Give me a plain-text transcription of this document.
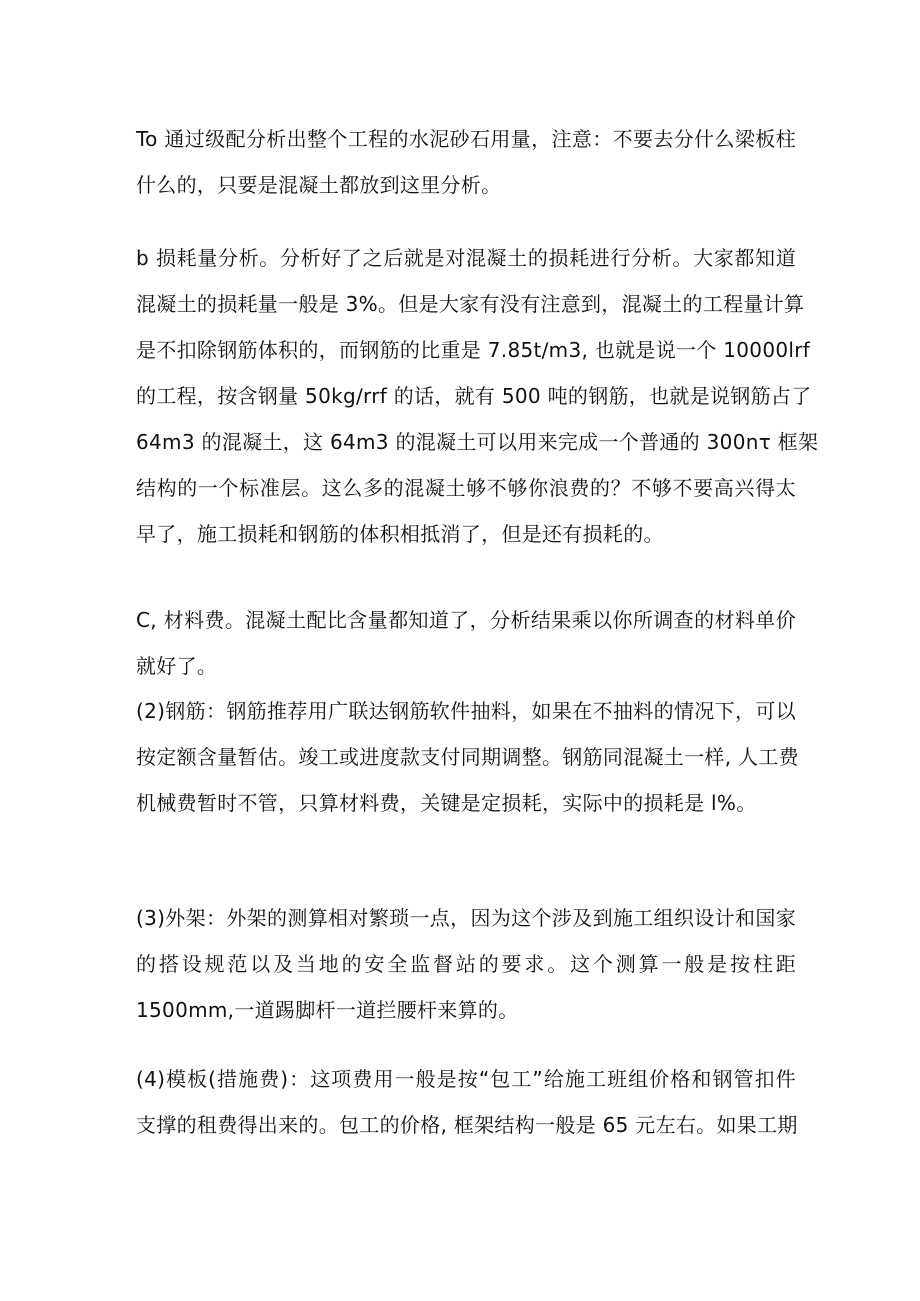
To 通过级配分析出整个工程的水泥砂石用量，注意：不要去分什么梁板柱
什么的，只要是混凝土都放到这里分析。
b 损耗量分析。分析好了之后就是对混凝土的损耗进行分析。大家都知道
混凝土的损耗量一般是 3%。但是大家有没有注意到，混凝土的工程量计算
是不扣除钢筋体积的，而钢筋的比重是 7.85t∕m3, 也就是说一个 10000lrf
的工程，按含钢量 50kg∕rrf 的话，就有 500 吨的钢筋，也就是说钢筋占了
64m3 的混凝土，这 64m3 的混凝土可以用来完成一个普通的 300nτ 框架
结构的一个标准层。这么多的混凝土够不够你浪费的？不够不要高兴得太
早了，施工损耗和钢筋的体积相抵消了，但是还有损耗的。
C, 材料费。混凝土配比含量都知道了，分析结果乘以你所调查的材料单价
就好了。
(2)钢筋：钢筋推荐用广联达钢筋软件抽料，如果在不抽料的情况下，可以
按定额含量暂估。竣工或进度款支付同期调整。钢筋同混凝土一样, 人工费
机械费暂时不管，只算材料费，关键是定损耗，实际中的损耗是 l%。
(3)外架：外架的测算相对繁琐一点，因为这个涉及到施工组织设计和国家
的搭设规范以及当地的安全监督站的要求。这个测算一般是按柱距
1500mm,一道踢脚杆一道拦腰杆来算的。
(4)模板(措施费)：这项费用一般是按“包工”给施工班组价格和钢管扣件
支撑的租费得出来的。包工的价格, 框架结构一般是 65 元左右。如果工期
